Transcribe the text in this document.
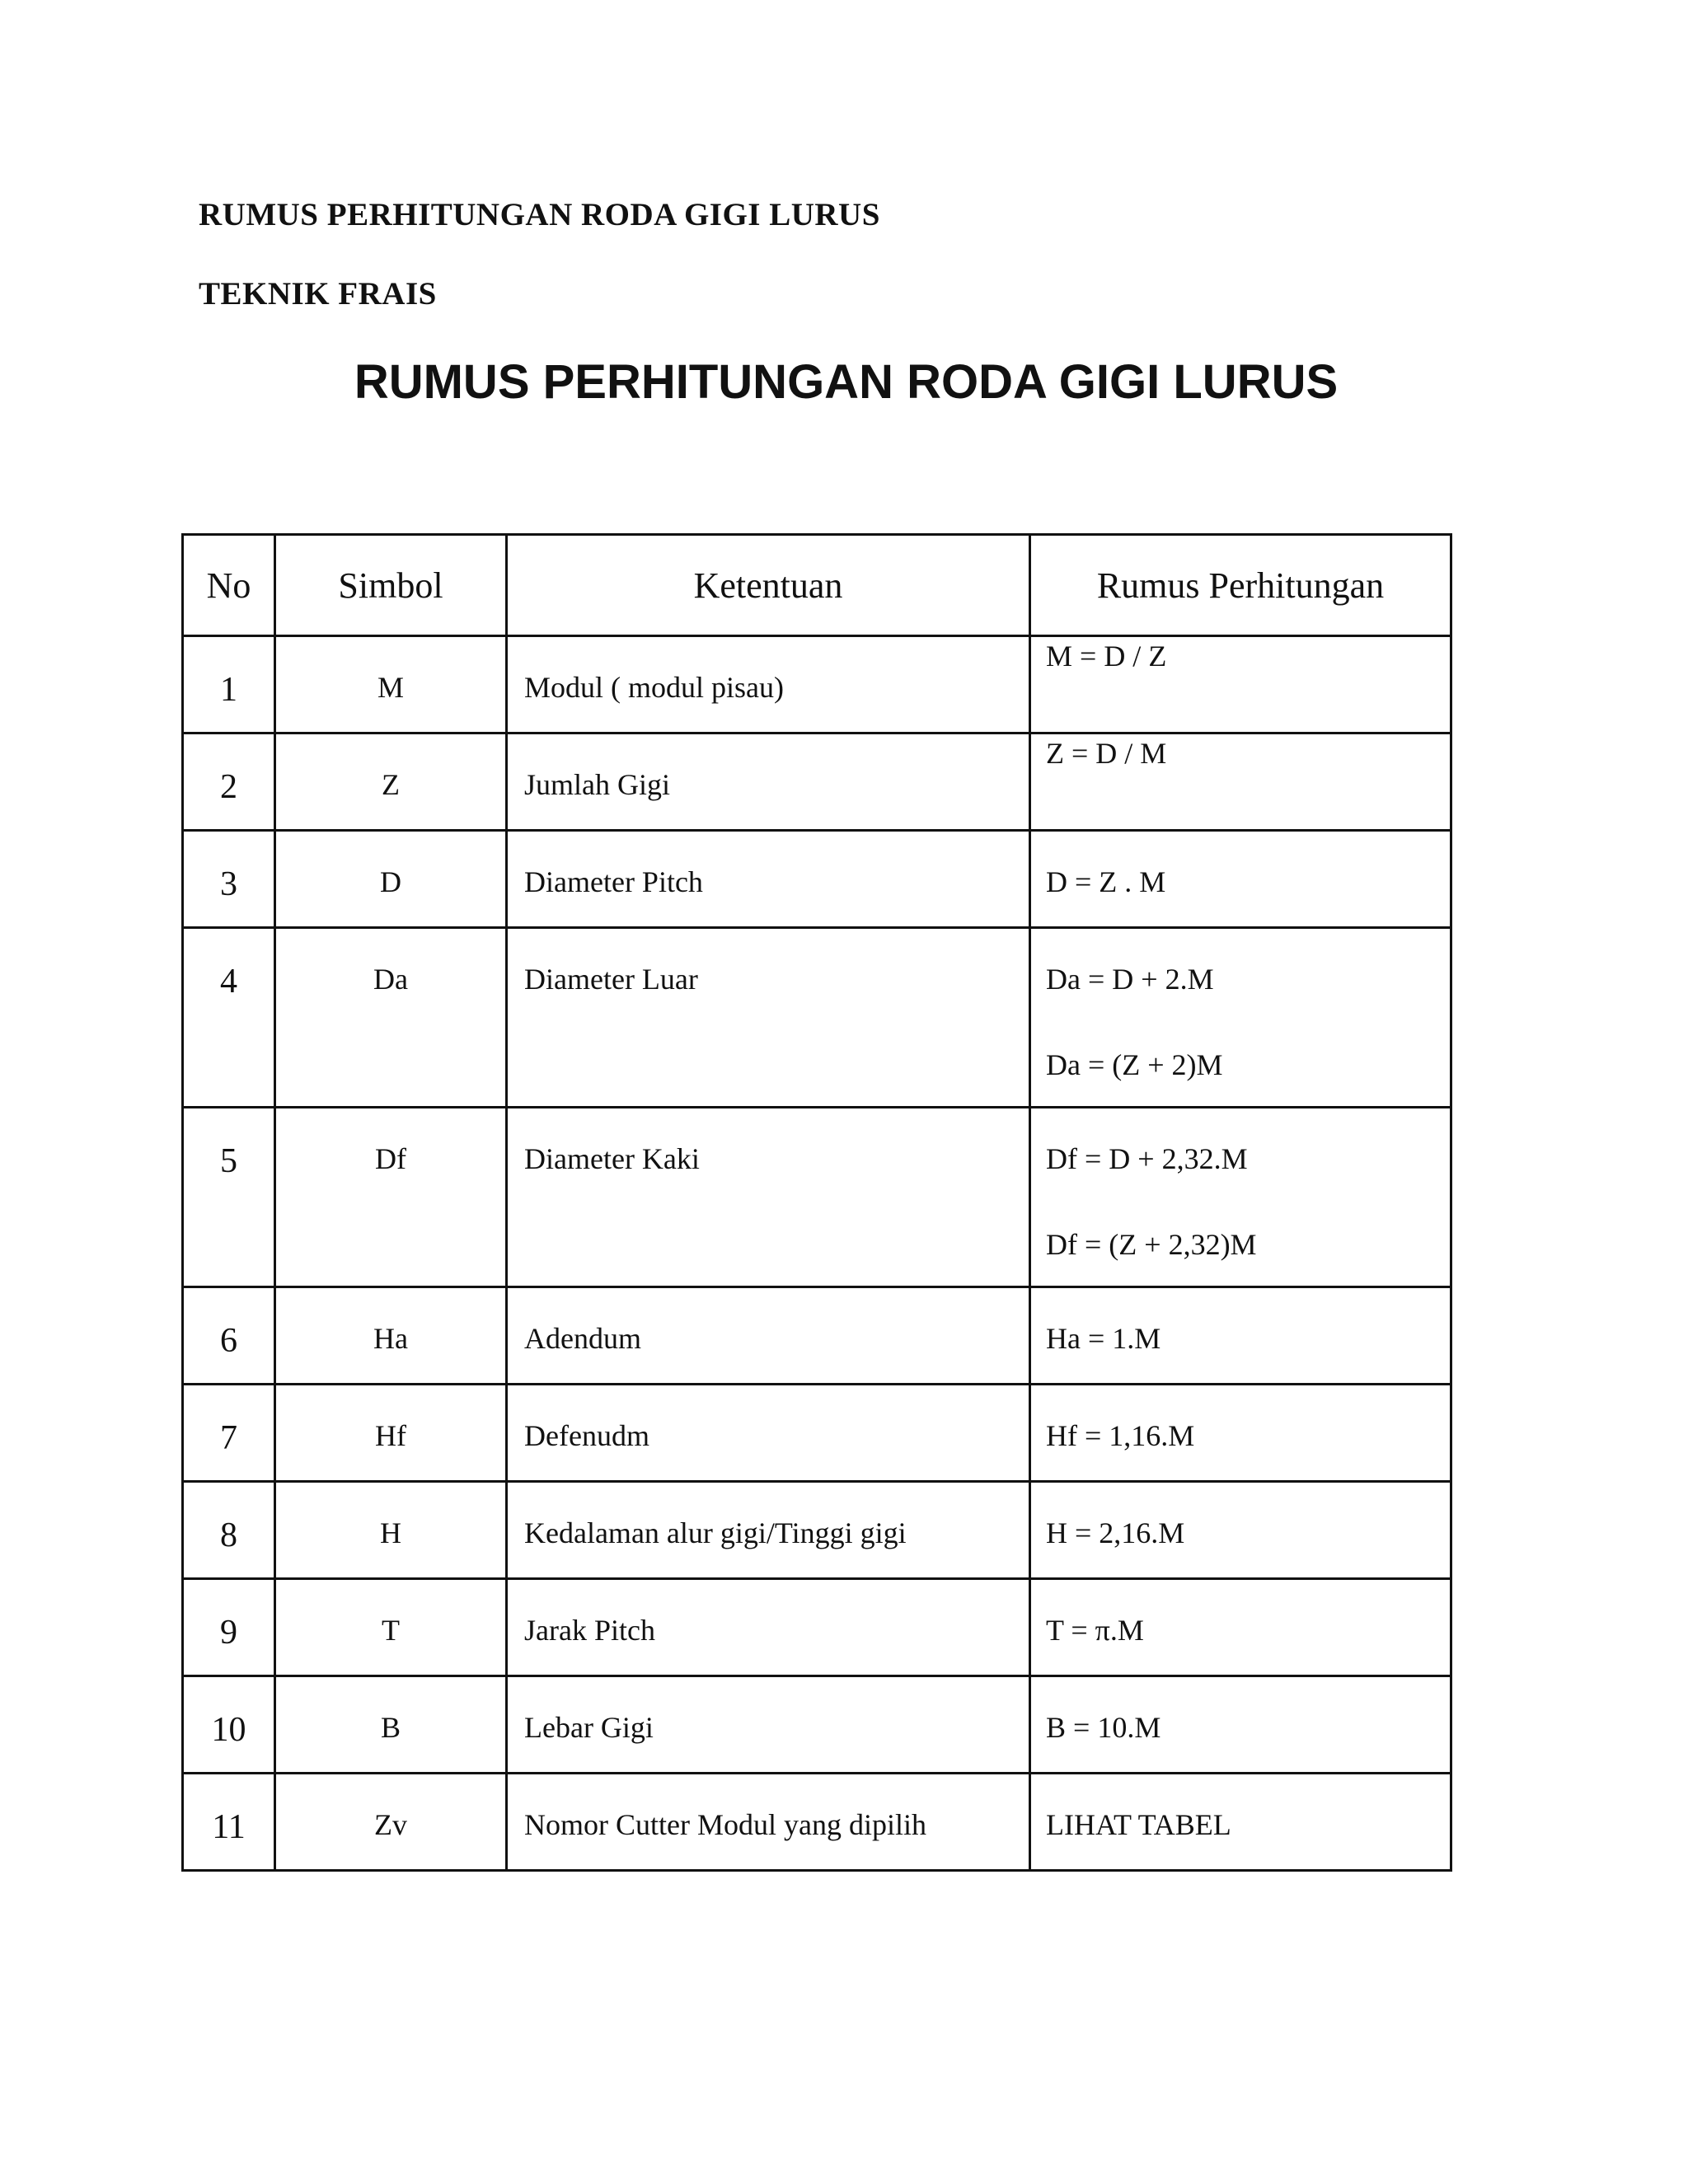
RUMUS PERHITUNGAN RODA GIGI LURUS
TEKNIK FRAIS
RUMUS PERHITUNGAN RODA GIGI LURUS
No	Simbol	Ketentuan	Rumus Perhitungan

1	M	Modul ( modul pisau)	M = D / Z

2	Z	Jumlah Gigi	Z = D / M

3	D	Diameter Pitch	D = Z . M

4	Da	Diameter Luar	Da = D + 2.M
Da = (Z + 2)M

5	Df	Diameter Kaki	Df = D + 2,32.M
Df = (Z + 2,32)M

6	Ha	Adendum	Ha = 1.M

7	Hf	Defenudm	Hf = 1,16.M

8	H	Kedalaman alur gigi/Tinggi gigi	H = 2,16.M

9	T	Jarak Pitch	T = π.M

10	B	Lebar Gigi	B = 10.M

11	Zv	Nomor Cutter Modul yang dipilih	LIHAT TABEL
